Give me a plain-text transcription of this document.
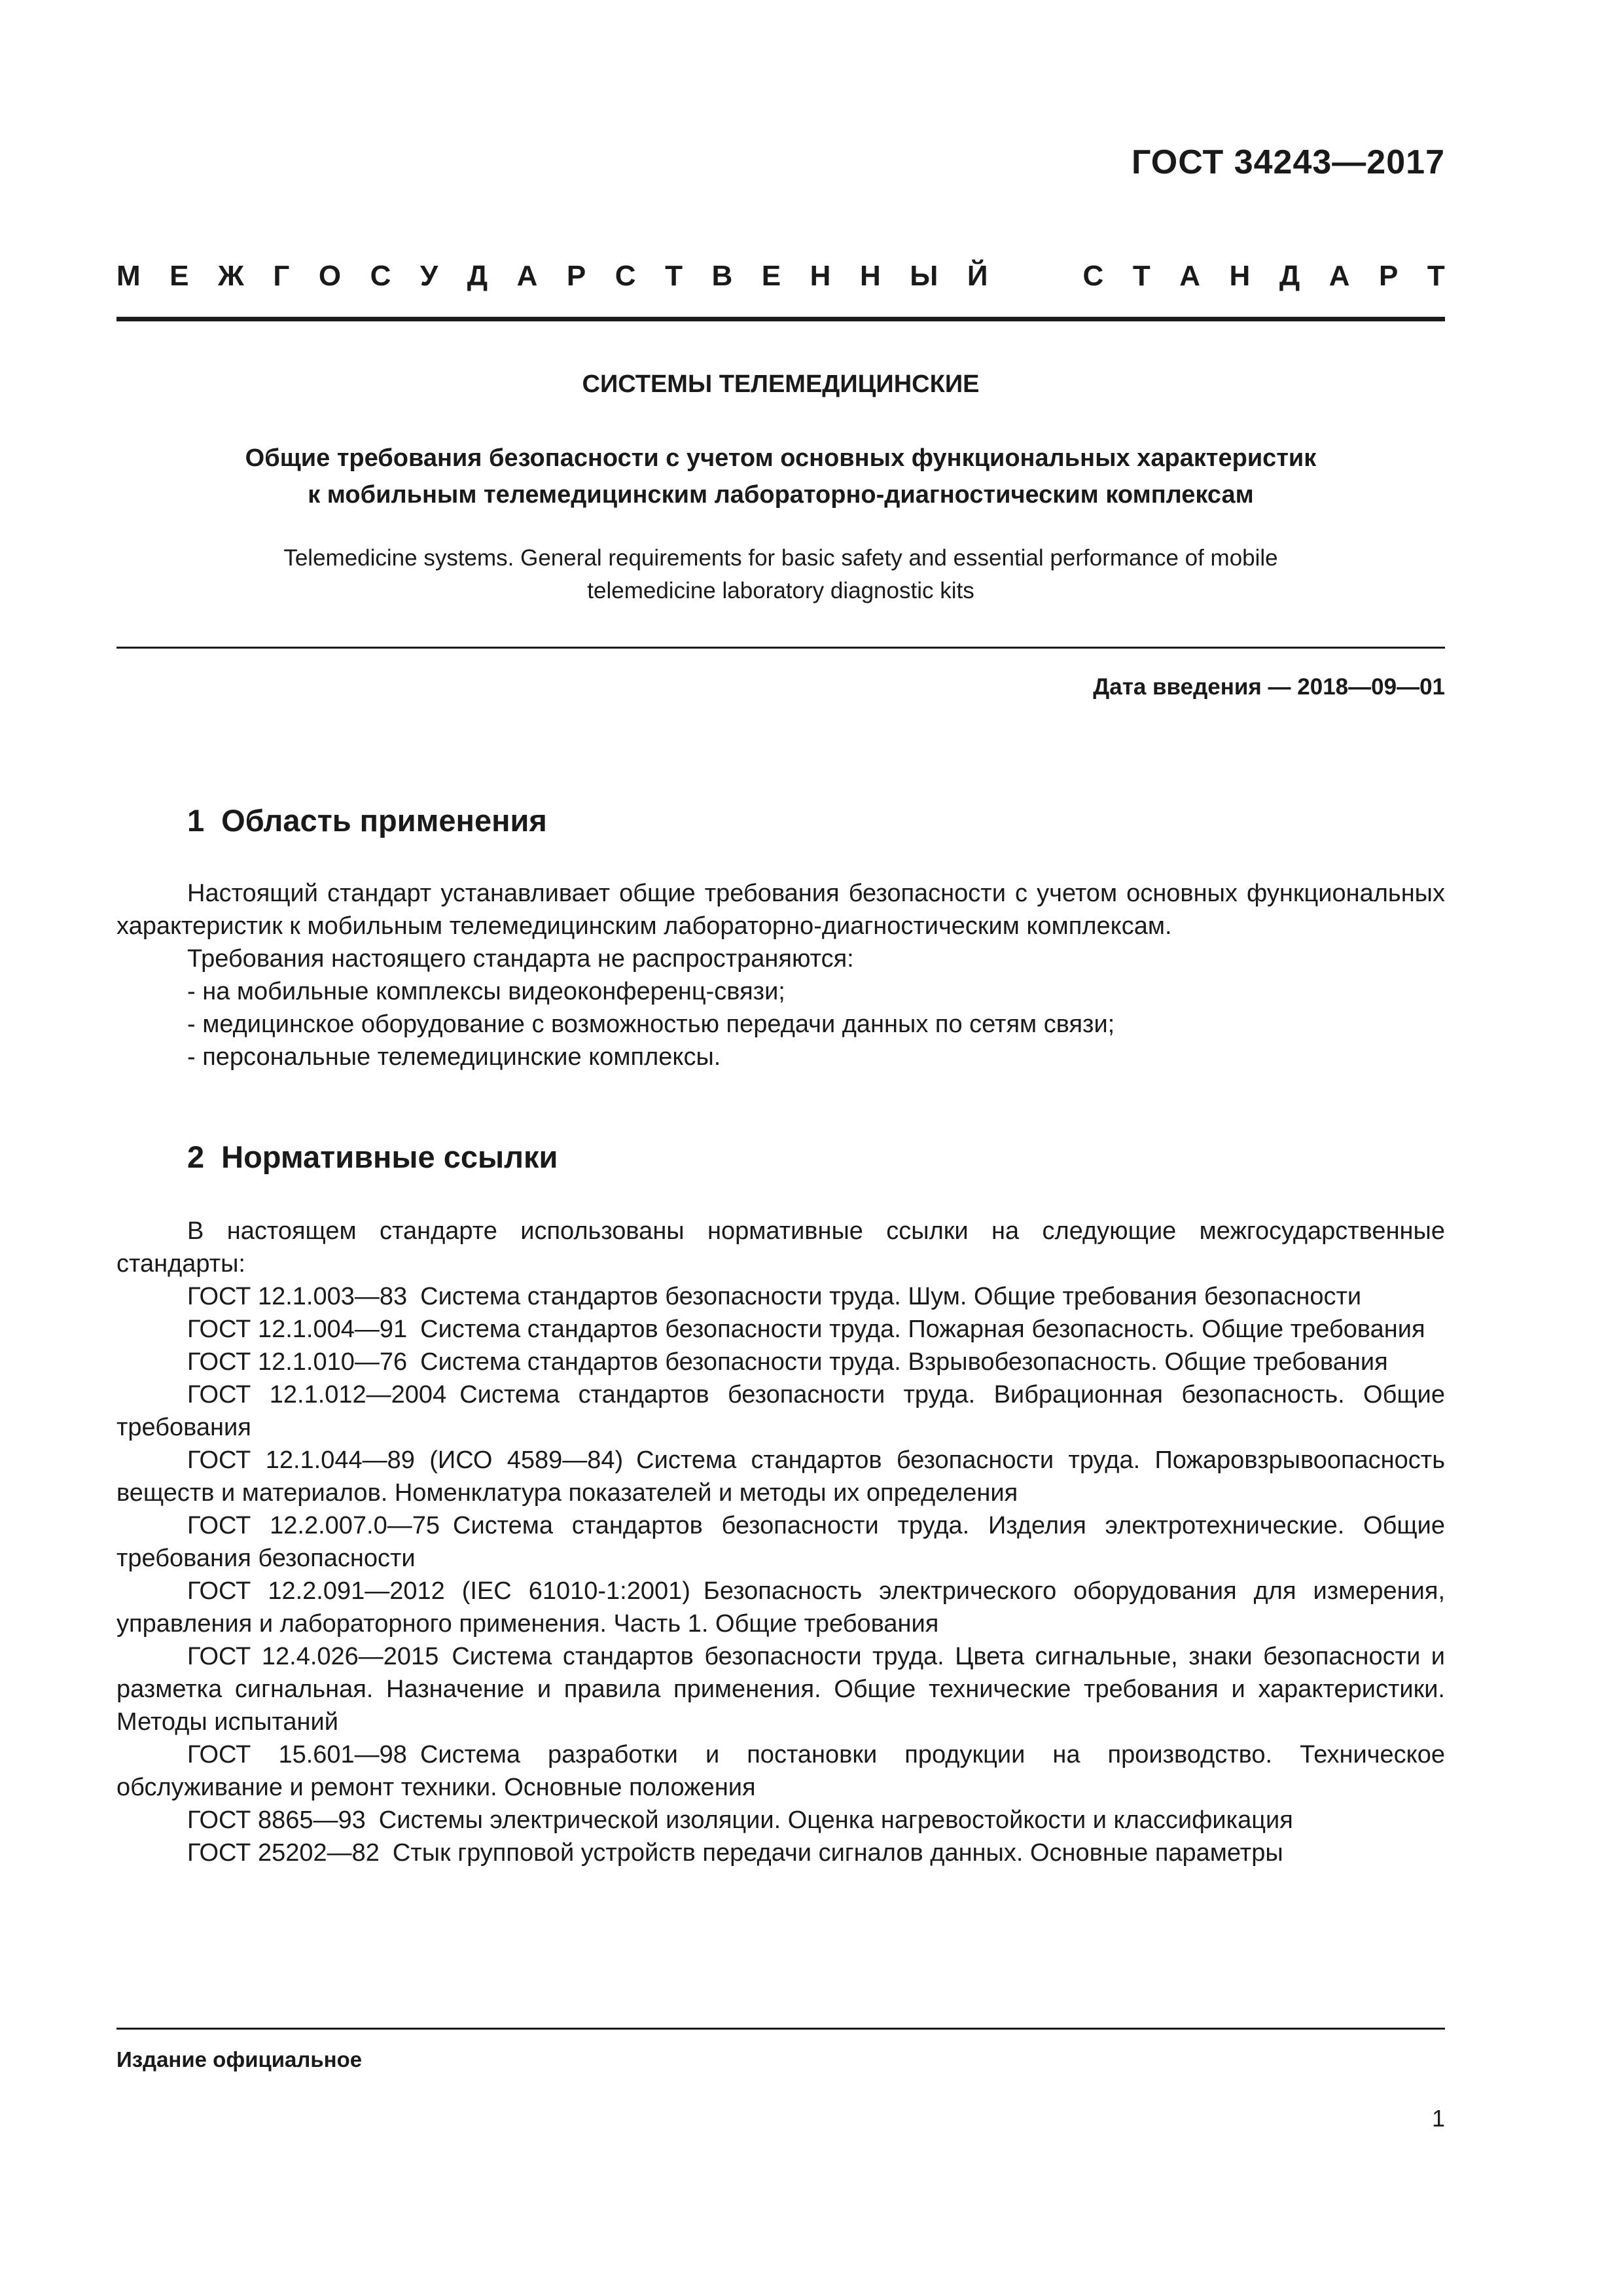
ГОСТ 34243—2017
М Е Ж Г О С У Д А Р С Т В Е Н Н Ы Й	С Т А Н Д А Р Т
СИСТЕМЫ ТЕЛЕМЕДИЦИНСКИЕ
Общие требования безопасности с учетом основных функциональных характеристик
к мобильным телемедицинским лабораторно-диагностическим комплексам
Telemedicine systems. General requirements for basic safety and essential performance of mobile
telemedicine laboratory diagnostic kits
Дата введения — 2018—09—01
1 Область применения

Настоящий стандарт устанавливает общие требования безопасности с учетом основных функциональных характеристик к мобильным телемедицинским лабораторно-диагностическим комплексам.

Требования настоящего стандарта не распространяются:

- на мобильные комплексы видеоконференц-связи;

- медицинское оборудование с возможностью передачи данных по сетям связи;

- персональные телемедицинские комплексы.

2 Нормативные ссылки

В настоящем стандарте использованы нормативные ссылки на следующие межгосударственные стандарты:

ГОСТ 12.1.003—83 Система стандартов безопасности труда. Шум. Общие требования безопасности

ГОСТ 12.1.004—91 Система стандартов безопасности труда. Пожарная безопасность. Общие требования

ГОСТ 12.1.010—76 Система стандартов безопасности труда. Взрывобезопасность. Общие требования

ГОСТ 12.1.012—2004 Система стандартов безопасности труда. Вибрационная безопасность. Общие требования

ГОСТ 12.1.044—89 (ИСО 4589—84) Система стандартов безопасности труда. Пожаровзрывоопасность веществ и материалов. Номенклатура показателей и методы их определения

ГОСТ 12.2.007.0—75 Система стандартов безопасности труда. Изделия электротехнические. Общие требования безопасности

ГОСТ 12.2.091—2012 (IEC 61010-1:2001) Безопасность электрического оборудования для измерения, управления и лабораторного применения. Часть 1. Общие требования

ГОСТ 12.4.026—2015 Система стандартов безопасности труда. Цвета сигнальные, знаки безопасности и разметка сигнальная. Назначение и правила применения. Общие технические требования и характеристики. Методы испытаний

ГОСТ 15.601—98 Система разработки и постановки продукции на производство. Техническое обслуживание и ремонт техники. Основные положения

ГОСТ 8865—93 Системы электрической изоляции. Оценка нагревостойкости и классификация

ГОСТ 25202—82 Стык групповой устройств передачи сигналов данных. Основные параметры

Издание официальное
1
